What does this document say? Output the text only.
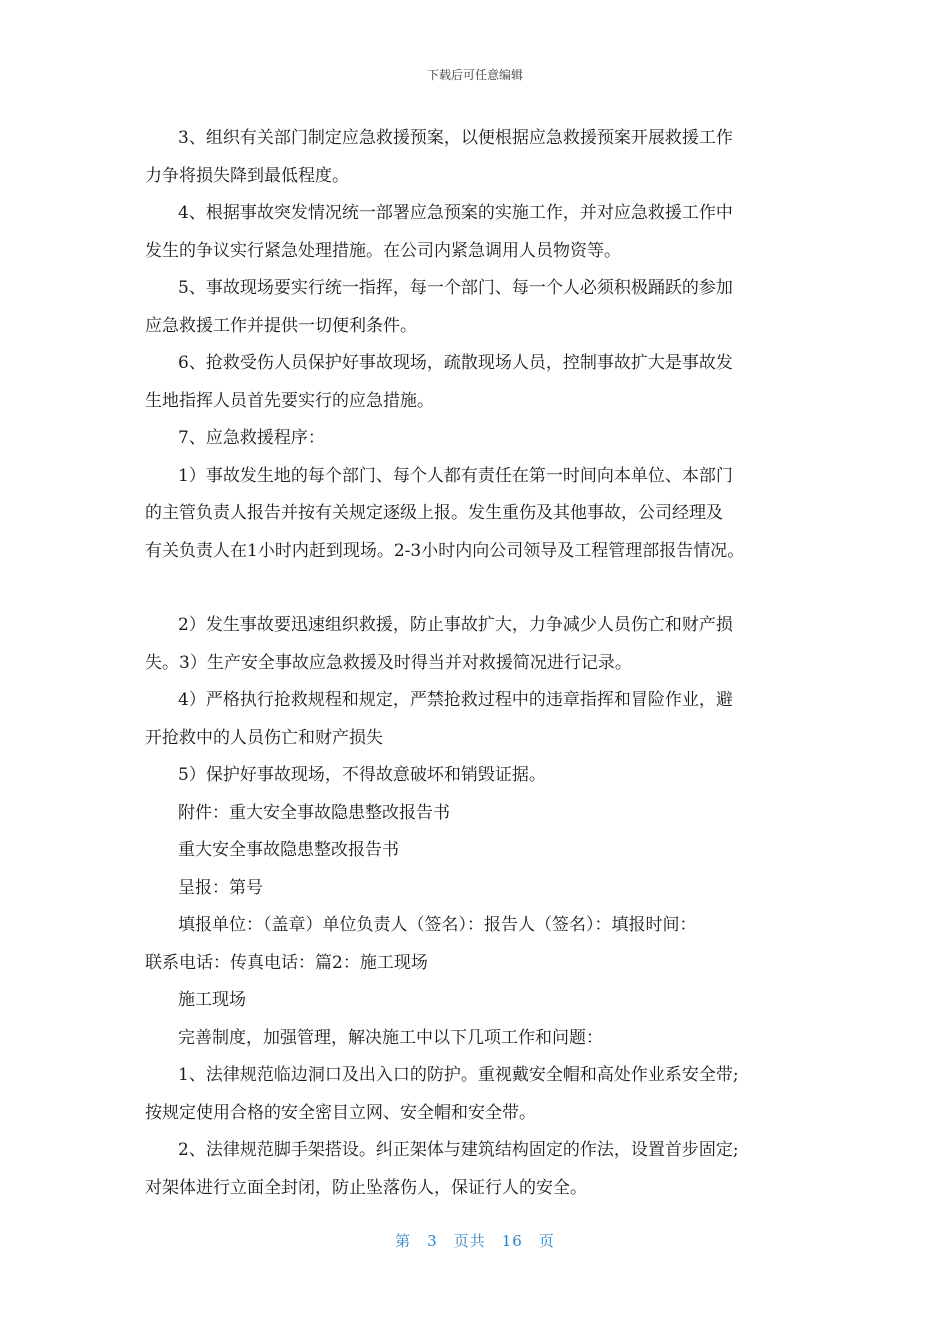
下载后可任意编辑

3、组织有关部门制定应急救援预案，以便根据应急救援预案开展救援工作

力争将损失降到最低程度。

4、根据事故突发情况统一部署应急预案的实施工作，并对应急救援工作中

发生的争议实行紧急处理措施。在公司内紧急调用人员物资等。

5、事故现场要实行统一指挥，每一个部门、每一个人必须积极踊跃的参加

应急救援工作并提供一切便利条件。

6、抢救受伤人员保护好事故现场，疏散现场人员，控制事故扩大是事故发

生地指挥人员首先要实行的应急措施。

7、应急救援程序：

1）事故发生地的每个部门、每个人都有责任在第一时间向本单位、本部门

的主管负责人报告并按有关规定逐级上报。发生重伤及其他事故，公司经理及

有关负责人在1小时内赶到现场。2-3小时内向公司领导及工程管理部报告情况。

2）发生事故要迅速组织救援，防止事故扩大，力争减少人员伤亡和财产损

失。3）生产安全事故应急救援及时得当并对救援简况进行记录。

4）严格执行抢救规程和规定，严禁抢救过程中的违章指挥和冒险作业，避

开抢救中的人员伤亡和财产损失

5）保护好事故现场，不得故意破坏和销毁证据。

附件：重大安全事故隐患整改报告书

重大安全事故隐患整改报告书

呈报：第号

填报单位：（盖章）单位负责人（签名）：报告人（签名）：填报时间：

联系电话：传真电话：篇2：施工现场

施工现场

完善制度，加强管理，解决施工中以下几项工作和问题：

1、法律规范临边洞口及出入口的防护。重视戴安全帽和高处作业系安全带;

按规定使用合格的安全密目立网、安全帽和安全带。

2、法律规范脚手架搭设。纠正架体与建筑结构固定的作法，设置首步固定;

对架体进行立面全封闭，防止坠落伤人，保证行人的安全。

第 3 页共 16 页
